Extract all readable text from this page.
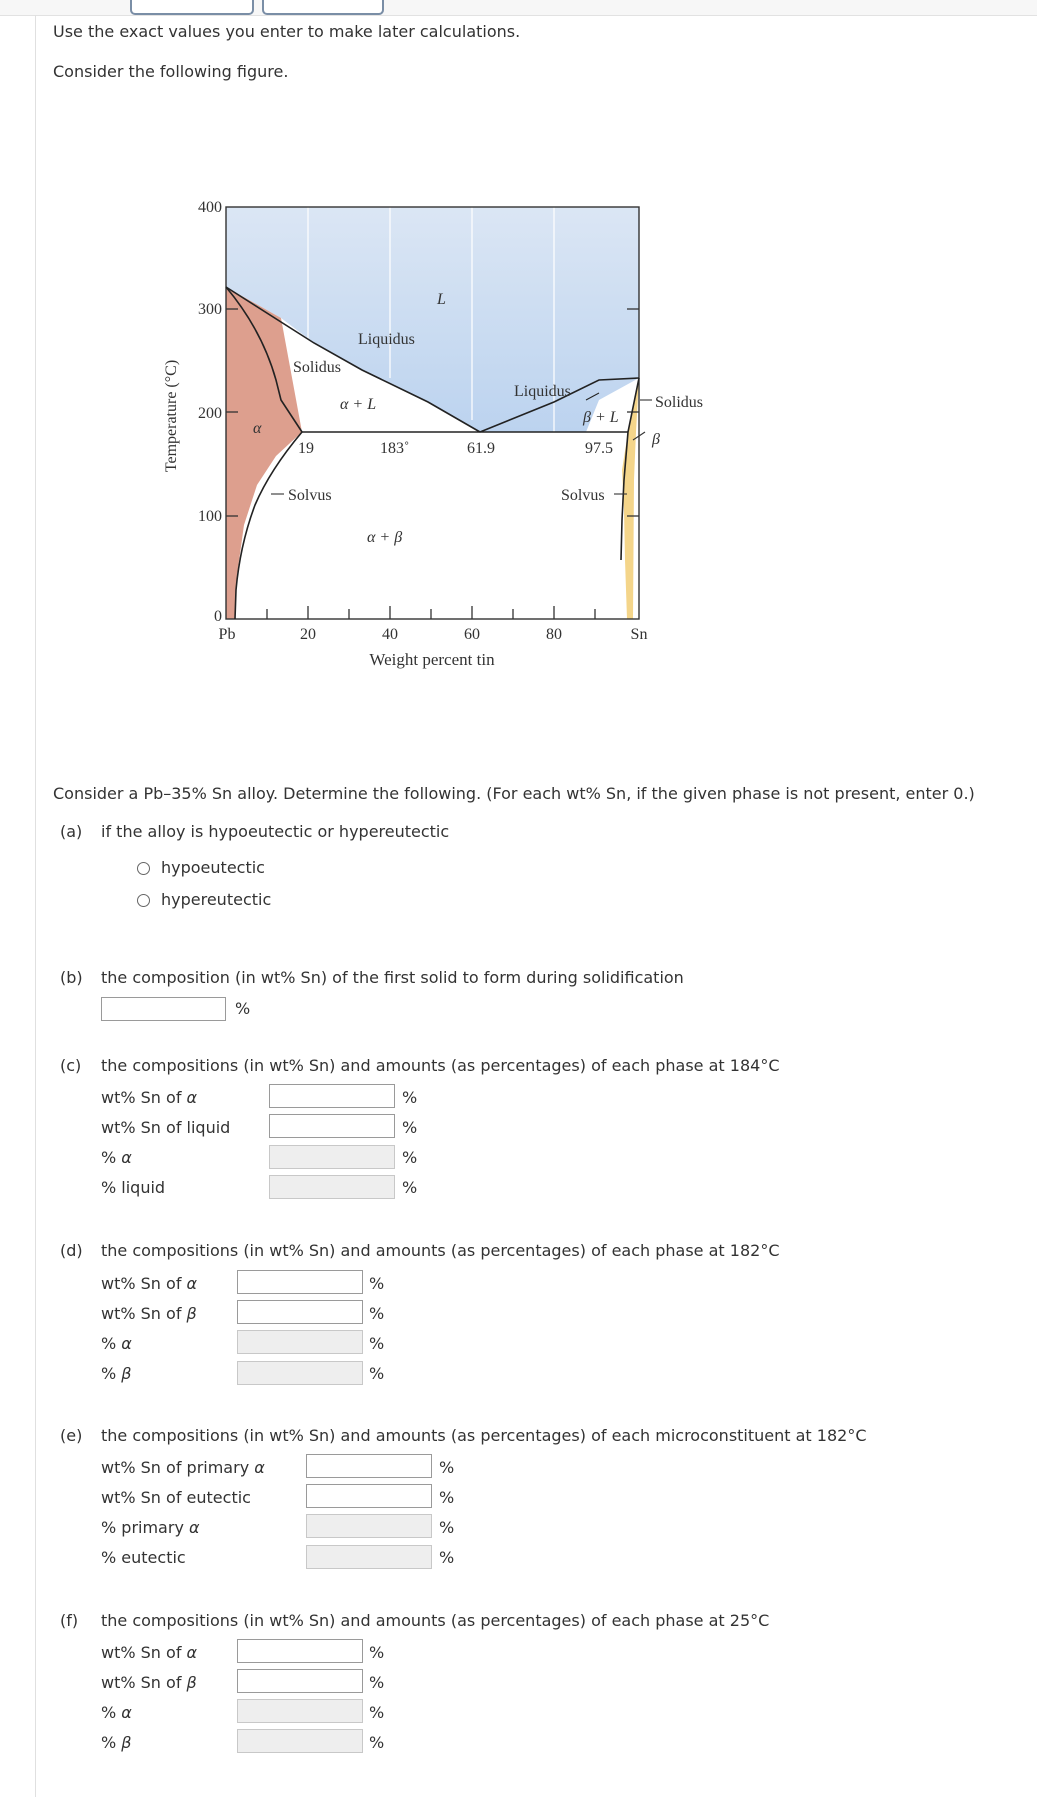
Use the exact values you enter to make later calculations.
Consider the following figure.
400
300
200
100
0
Temperature (°C)
Pb	20	40	60	80	Sn
Weight percent tin
L
Liquidus
Solidus
α + L
Liquidus
β + L
Solidus
β
α
19	183˚	61.9	97.5
Solvus	Solvus
α + β
Consider a Pb–35% Sn alloy. Determine the following. (For each wt% Sn, if the given phase is not present, enter 0.)
(a) if the alloy is hypoeutectic or hypereutectic
hypoeutectic
hypereutectic
(b) the composition (in wt% Sn) of the first solid to form during solidification
%
(c) the compositions (in wt% Sn) and amounts (as percentages) of each phase at 184°C
wt% Sn of α	%
wt% Sn of liquid	%
% α	%
% liquid	%
(d) the compositions (in wt% Sn) and amounts (as percentages) of each phase at 182°C
wt% Sn of α	%
wt% Sn of β	%
% α	%
% β	%
(e) the compositions (in wt% Sn) and amounts (as percentages) of each microconstituent at 182°C
wt% Sn of primary α	%
wt% Sn of eutectic	%
% primary α	%
% eutectic	%
(f) the compositions (in wt% Sn) and amounts (as percentages) of each phase at 25°C
wt% Sn of α	%
wt% Sn of β	%
% α	%
% β	%
